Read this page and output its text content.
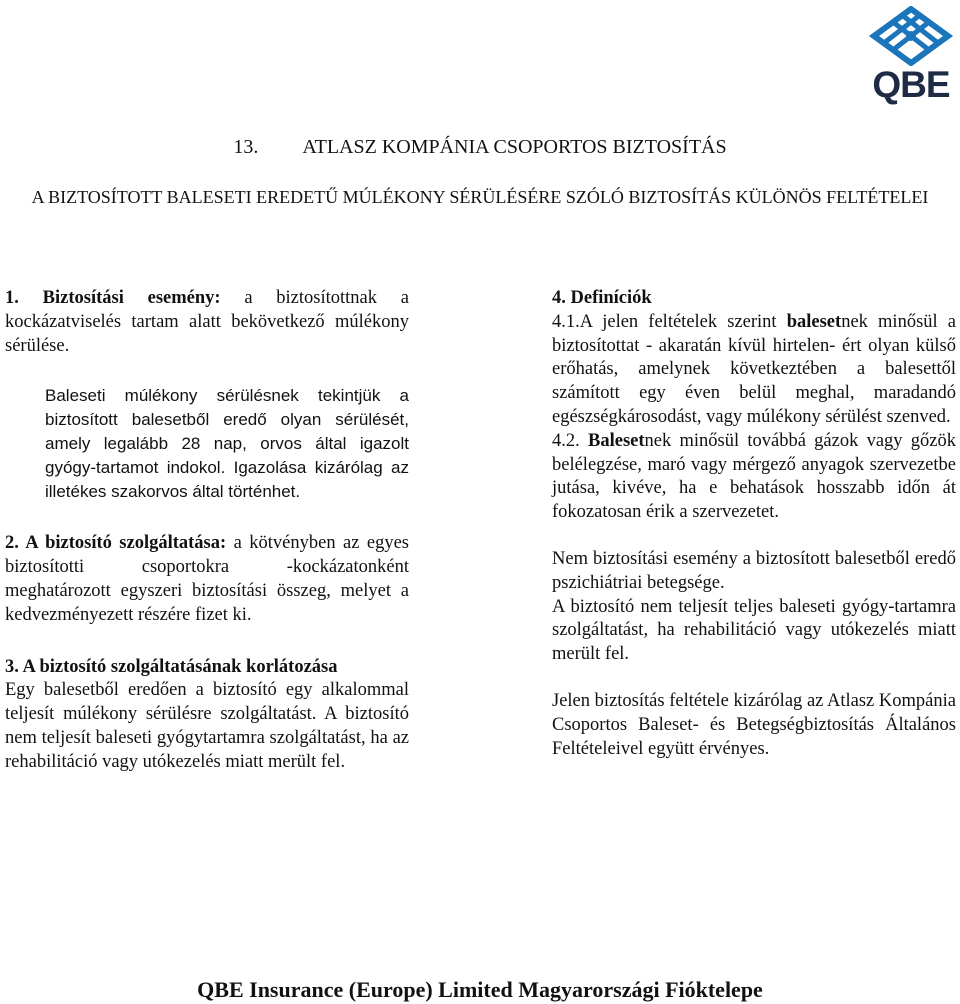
QBE
13. ATLASZ KOMPÁNIA CSOPORTOS BIZTOSÍTÁS
A BIZTOSÍTOTT BALESETI EREDETŰ MÚLÉKONY SÉRÜLÉSÉRE SZÓLÓ BIZTOSÍTÁS KÜLÖNÖS FELTÉTELEI

1. Biztosítási esemény: a biztosítottnak a kockázatviselés tartam alatt bekövetkező múlékony sérülése.

Baleseti múlékony sérülésnek tekintjük a biztosított balesetből eredő olyan sérülését, amely legalább 28 nap, orvos által igazolt gyógy-tartamot indokol. Igazolása kizárólag az illetékes szakorvos által történhet.

2. A biztosító szolgáltatása: a kötvényben az egyes biztosítotti csoportokra -kockázatonként meghatározott egyszeri biztosítási összeg, melyet a kedvezményezett részére fizet ki.

3. A biztosító szolgáltatásának korlátozása

Egy balesetből eredően a biztosító egy alkalommal teljesít múlékony sérülésre szolgáltatást. A biztosító nem teljesít baleseti gyógytartamra szolgáltatást, ha az rehabilitáció vagy utókezelés miatt merült fel.

4. Definíciók

4.1.A jelen feltételek szerint balesetnek minősül a biztosítottat - akaratán kívül hirtelen- ért olyan külső erőhatás, amelynek következtében a balesettől számított egy éven belül meghal, maradandó egészségkárosodást, vagy múlékony sérülést szenved.

4.2. Balesetnek minősül továbbá gázok vagy gőzök belélegzése, maró vagy mérgező anyagok szervezetbe jutása, kivéve, ha e behatások hosszabb időn át fokozatosan érik a szervezetet.

Nem biztosítási esemény a biztosított balesetből eredő pszichiátriai betegsége.

A biztosító nem teljesít teljes baleseti gyógy-tartamra szolgáltatást, ha rehabilitáció vagy utókezelés miatt merült fel.

Jelen biztosítás feltétele kizárólag az Atlasz Kompánia Csoportos Baleset- és Betegségbiztosítás Általános Feltételeivel együtt érvényes.

QBE Insurance (Europe) Limited Magyarországi Fióktelepe
